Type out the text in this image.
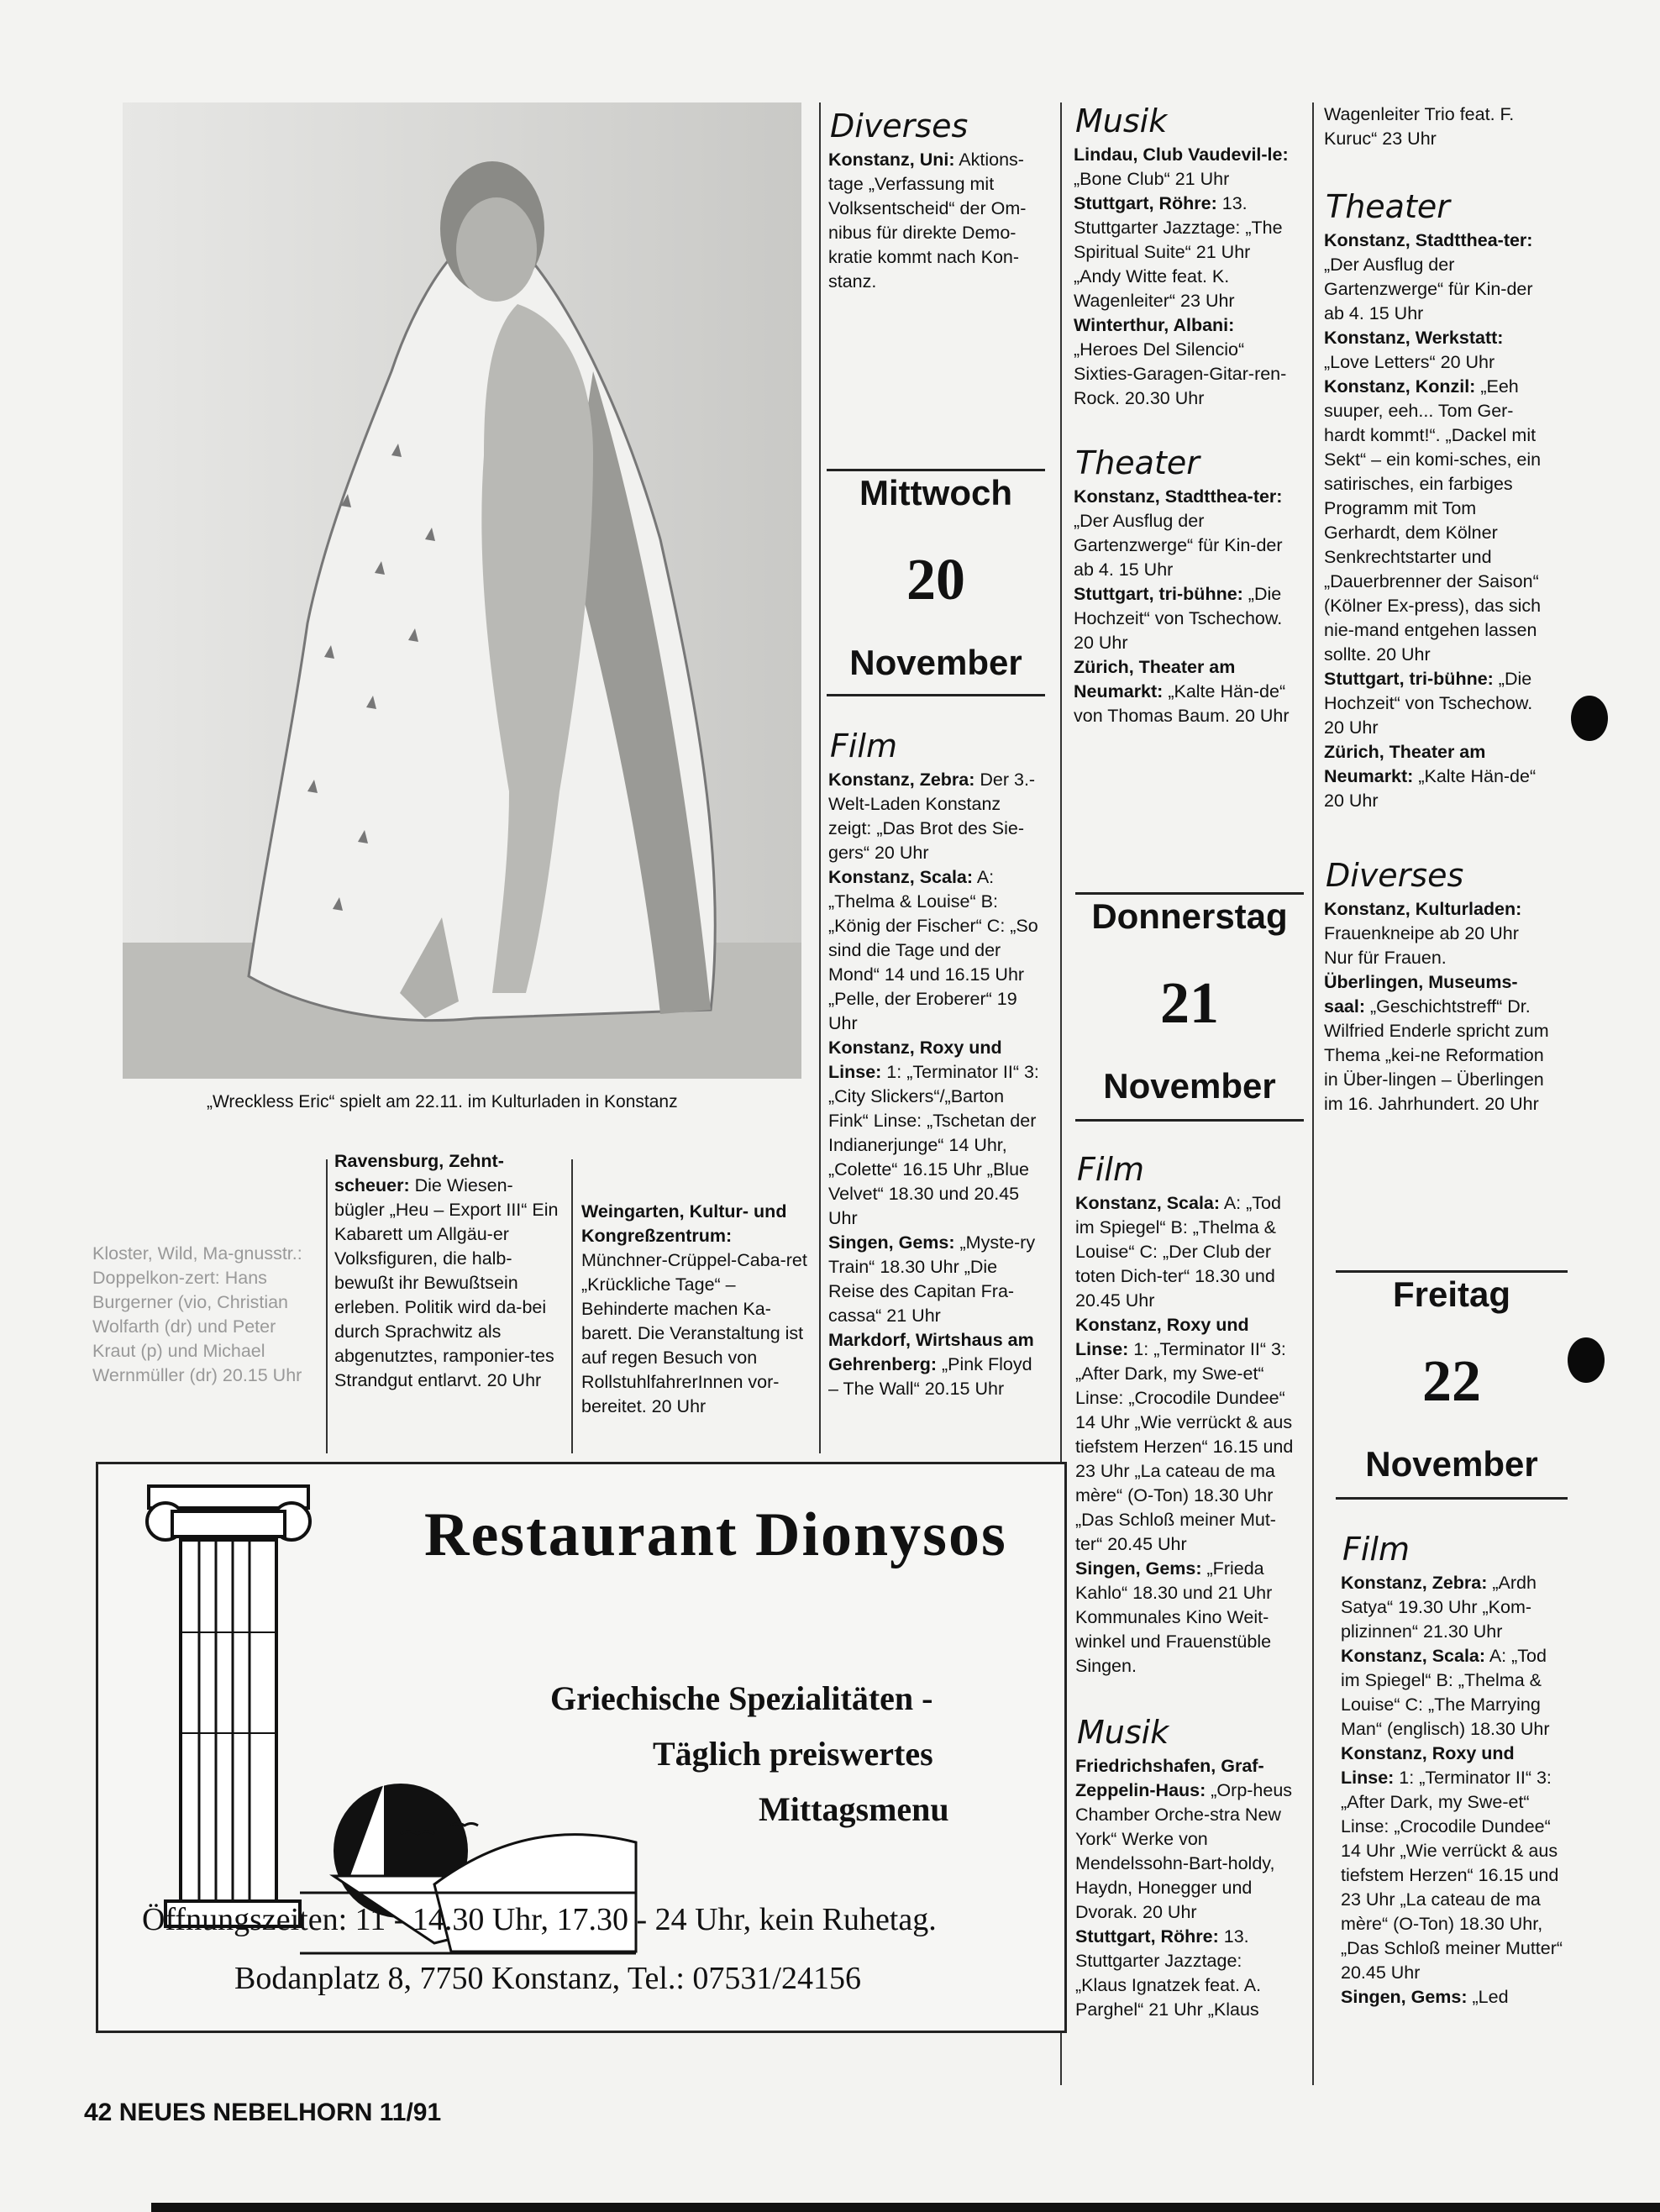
„Wreckless Eric“ spielt am 22.11. im Kulturladen in Konstanz
Kloster, Wild, Ma-gnusstr.: Doppelkon-zert: Hans Burgerner (vio, Christian Wolfarth (dr) und Peter Kraut (p) und Michael Wernmüller (dr) 20.15 Uhr
Ravensburg, Zehnt-scheuer: Die Wiesen-bügler „Heu – Export III“ Ein Kabarett um Allgäu-er Volksfiguren, die halb-bewußt ihr Bewußtsein erleben. Politik wird da-bei durch Sprachwitz als abgenutztes, ramponier-tes Strandgut entlarvt. 20 Uhr
Weingarten, Kultur- und Kongreßzentrum: Münchner-Crüppel-Caba-ret „Krückliche Tage“ – Behinderte machen Ka-barett. Die Veranstaltung ist auf regen Besuch von RollstuhlfahrerInnen vor-bereitet. 20 Uhr
Diverses

Konstanz, Uni: Aktions-tage „Verfassung mit Volksentscheid“ der Om-nibus für direkte Demo-kratie kommt nach Kon-stanz.

Mittwoch
20
November
Film

Konstanz, Zebra: Der 3.-Welt-Laden Konstanz zeigt: „Das Brot des Sie-gers“ 20 Uhr

Konstanz, Scala: A: „Thelma & Louise“ B: „König der Fischer“ C: „So sind die Tage und der Mond“ 14 und 16.15 Uhr „Pelle, der Eroberer“ 19 Uhr

Konstanz, Roxy und Linse: 1: „Terminator II“ 3: „City Slickers“/„Barton Fink“ Linse: „Tschetan der Indianerjunge“ 14 Uhr, „Colette“ 16.15 Uhr „Blue Velvet“ 18.30 und 20.45 Uhr

Singen, Gems: „Myste-ry Train“ 18.30 Uhr „Die Reise des Capitan Fra-cassa“ 21 Uhr

Markdorf, Wirtshaus am Gehrenberg: „Pink Floyd – The Wall“ 20.15 Uhr

Musik

Lindau, Club Vaudevil-le: „Bone Club“ 21 Uhr

Stuttgart, Röhre: 13. Stuttgarter Jazztage: „The Spiritual Suite“ 21 Uhr „Andy Witte feat. K. Wagenleiter“ 23 Uhr

Winterthur, Albani: „Heroes Del Silencio“ Sixties-Garagen-Gitar-ren-Rock. 20.30 Uhr

Theater

Konstanz, Stadtthea-ter: „Der Ausflug der Gartenzwerge“ für Kin-der ab 4. 15 Uhr

Stuttgart, tri-bühne: „Die Hochzeit“ von Tschechow. 20 Uhr

Zürich, Theater am Neumarkt: „Kalte Hän-de“ von Thomas Baum. 20 Uhr

Donnerstag
21
November
Film

Konstanz, Scala: A: „Tod im Spiegel“ B: „Thelma & Louise“ C: „Der Club der toten Dich-ter“ 18.30 und 20.45 Uhr

Konstanz, Roxy und Linse: 1: „Terminator II“ 3: „After Dark, my Swe-et“ Linse: „Crocodile Dundee“ 14 Uhr „Wie verrückt & aus tiefstem Herzen“ 16.15 und 23 Uhr „La cateau de ma mère“ (O-Ton) 18.30 Uhr „Das Schloß meiner Mut-ter“ 20.45 Uhr

Singen, Gems: „Frieda Kahlo“ 18.30 und 21 Uhr Kommunales Kino Weit-winkel und Frauenstüble Singen.

Musik

Friedrichshafen, Graf-Zeppelin-Haus: „Orp-heus Chamber Orche-stra New York“ Werke von Mendelssohn-Bart-holdy, Haydn, Honegger und Dvorak. 20 Uhr

Stuttgart, Röhre: 13. Stuttgarter Jazztage: „Klaus Ignatzek feat. A. Parghel“ 21 Uhr „Klaus

Wagenleiter Trio feat. F. Kuruc“ 23 Uhr

Theater

Konstanz, Stadtthea-ter: „Der Ausflug der Gartenzwerge“ für Kin-der ab 4. 15 Uhr

Konstanz, Werkstatt: „Love Letters“ 20 Uhr

Konstanz, Konzil: „Eeh suuper, eeh... Tom Ger-hardt kommt!“. „Dackel mit Sekt“ – ein komi-sches, ein satirisches, ein farbiges Programm mit Tom Gerhardt, dem Kölner Senkrechtstarter und „Dauerbrenner der Saison“ (Kölner Ex-press), das sich nie-mand entgehen lassen sollte. 20 Uhr

Stuttgart, tri-bühne: „Die Hochzeit“ von Tschechow. 20 Uhr

Zürich, Theater am Neumarkt: „Kalte Hän-de“ 20 Uhr

Diverses

Konstanz, Kulturladen: Frauenkneipe ab 20 Uhr Nur für Frauen.

Überlingen, Museums-saal: „Geschichtstreff“ Dr. Wilfried Enderle spricht zum Thema „kei-ne Reformation in Über-lingen – Überlingen im 16. Jahrhundert. 20 Uhr

Freitag
22
November
Film

Konstanz, Zebra: „Ardh Satya“ 19.30 Uhr „Kom-plizinnen“ 21.30 Uhr

Konstanz, Scala: A: „Tod im Spiegel“ B: „Thelma & Louise“ C: „The Marrying Man“ (englisch) 18.30 Uhr

Konstanz, Roxy und Linse: 1: „Terminator II“ 3: „After Dark, my Swe-et“ Linse: „Crocodile Dundee“ 14 Uhr „Wie verrückt & aus tiefstem Herzen“ 16.15 und 23 Uhr „La cateau de ma mère“ (O-Ton) 18.30 Uhr, „Das Schloß meiner Mutter“ 20.45 Uhr

Singen, Gems: „Led

Restaurant Dionysos
Griechische Spezialitäten -
Täglich preiswertes
Mittagsmenu
Öffnungszeiten: 11 - 14.30 Uhr, 17.30 - 24 Uhr, kein Ruhetag.
Bodanplatz 8, 7750 Konstanz, Tel.: 07531/24156
42 NEUES NEBELHORN 11/91
